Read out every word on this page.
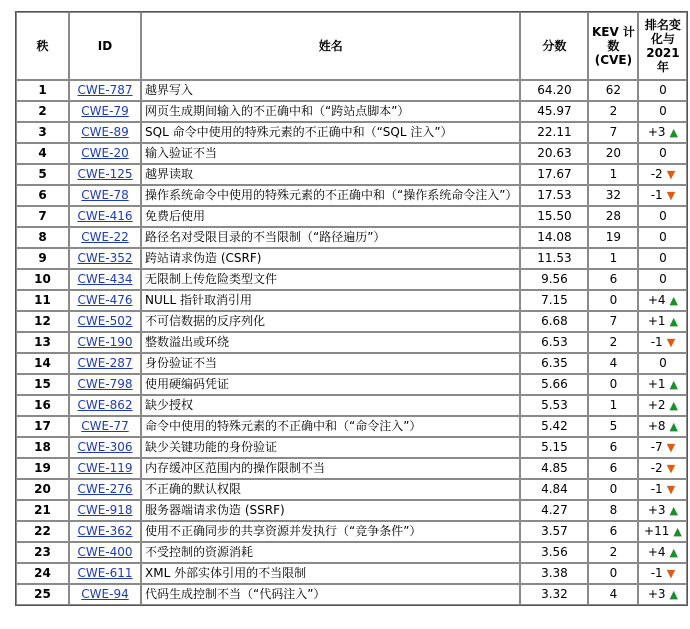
秩	ID	姓名	分数	KEV 计数 (CVE)	排名变化与 2021 年
1	CWE-787	越界写入	64.20	62	0
2	CWE-79	网页生成期间输入的不正确中和（“跨站点脚本”）	45.97	2	0
3	CWE-89	SQL 命令中使用的特殊元素的不正确中和（“SQL 注入”）	22.11	7	+3 ▲
4	CWE-20	输入验证不当	20.63	20	0
5	CWE-125	越界读取	17.67	1	-2 ▼
6	CWE-78	操作系统命令中使用的特殊元素的不正确中和（“操作系统命令注入”）	17.53	32	-1 ▼
7	CWE-416	免费后使用	15.50	28	0
8	CWE-22	路径名对受限目录的不当限制（“路径遍历”）	14.08	19	0
9	CWE-352	跨站请求伪造 (CSRF)	11.53	1	0
10	CWE-434	无限制上传危险类型文件	9.56	6	0
11	CWE-476	NULL 指针取消引用	7.15	0	+4 ▲
12	CWE-502	不可信数据的反序列化	6.68	7	+1 ▲
13	CWE-190	整数溢出或环绕	6.53	2	-1 ▼
14	CWE-287	身份验证不当	6.35	4	0
15	CWE-798	使用硬编码凭证	5.66	0	+1 ▲
16	CWE-862	缺少授权	5.53	1	+2 ▲
17	CWE-77	命令中使用的特殊元素的不正确中和（“命令注入”）	5.42	5	+8 ▲
18	CWE-306	缺少关键功能的身份验证	5.15	6	-7 ▼
19	CWE-119	内存缓冲区范围内的操作限制不当	4.85	6	-2 ▼
20	CWE-276	不正确的默认权限	4.84	0	-1 ▼
21	CWE-918	服务器端请求伪造 (SSRF)	4.27	8	+3 ▲
22	CWE-362	使用不正确同步的共享资源并发执行（“竞争条件”）	3.57	6	+11 ▲
23	CWE-400	不受控制的资源消耗	3.56	2	+4 ▲
24	CWE-611	XML 外部实体引用的不当限制	3.38	0	-1 ▼
25	CWE-94	代码生成控制不当（“代码注入”）	3.32	4	+3 ▲
